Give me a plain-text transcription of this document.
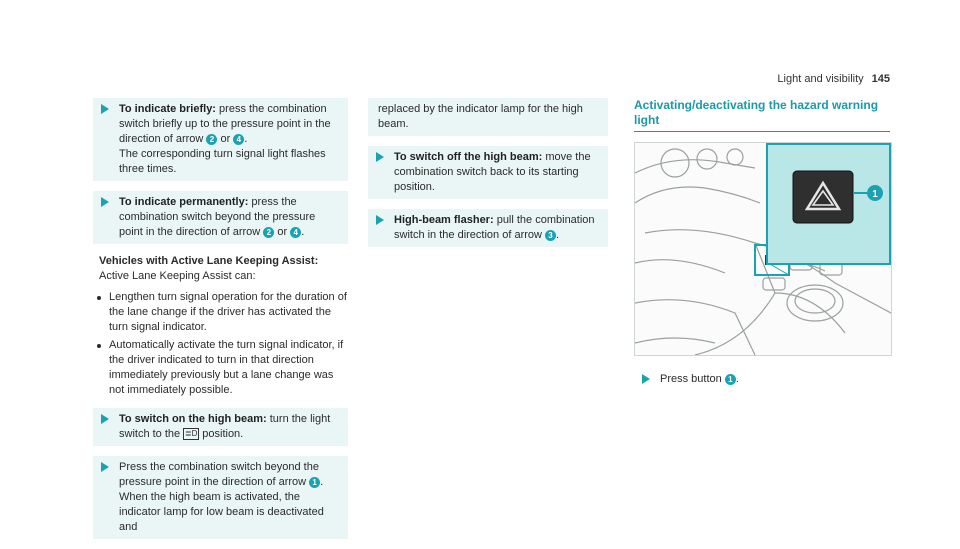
Light and visibility 145
To indicate briefly: press the combination switch briefly up to the pressure point in the direction of arrow 2 or 4 .
The corresponding turn signal light flashes three times.
To indicate permanently: press the combination switch beyond the pressure point in the direction of arrow 2 or 4 .
Vehicles with Active Lane Keeping Assist:
Active Lane Keeping Assist can:
Lengthen turn signal operation for the duration of the lane change if the driver has activated the turn signal indicator.
Automatically activate the turn signal indicator, if the driver indicated to turn in that direction immediately previously but a lane change was not immediately possible.
To switch on the high beam: turn the light switch to the ≣D position.
Press the combination switch beyond the pressure point in the direction of arrow 1 .
When the high beam is activated, the indicator lamp for low beam is deactivated and
replaced by the indicator lamp for the high beam.
To switch off the high beam: move the combination switch back to its starting position.
High-beam flasher: pull the combination switch in the direction of arrow 3 .
Activating/deactivating the hazard warning light
1
Press button 1 .
